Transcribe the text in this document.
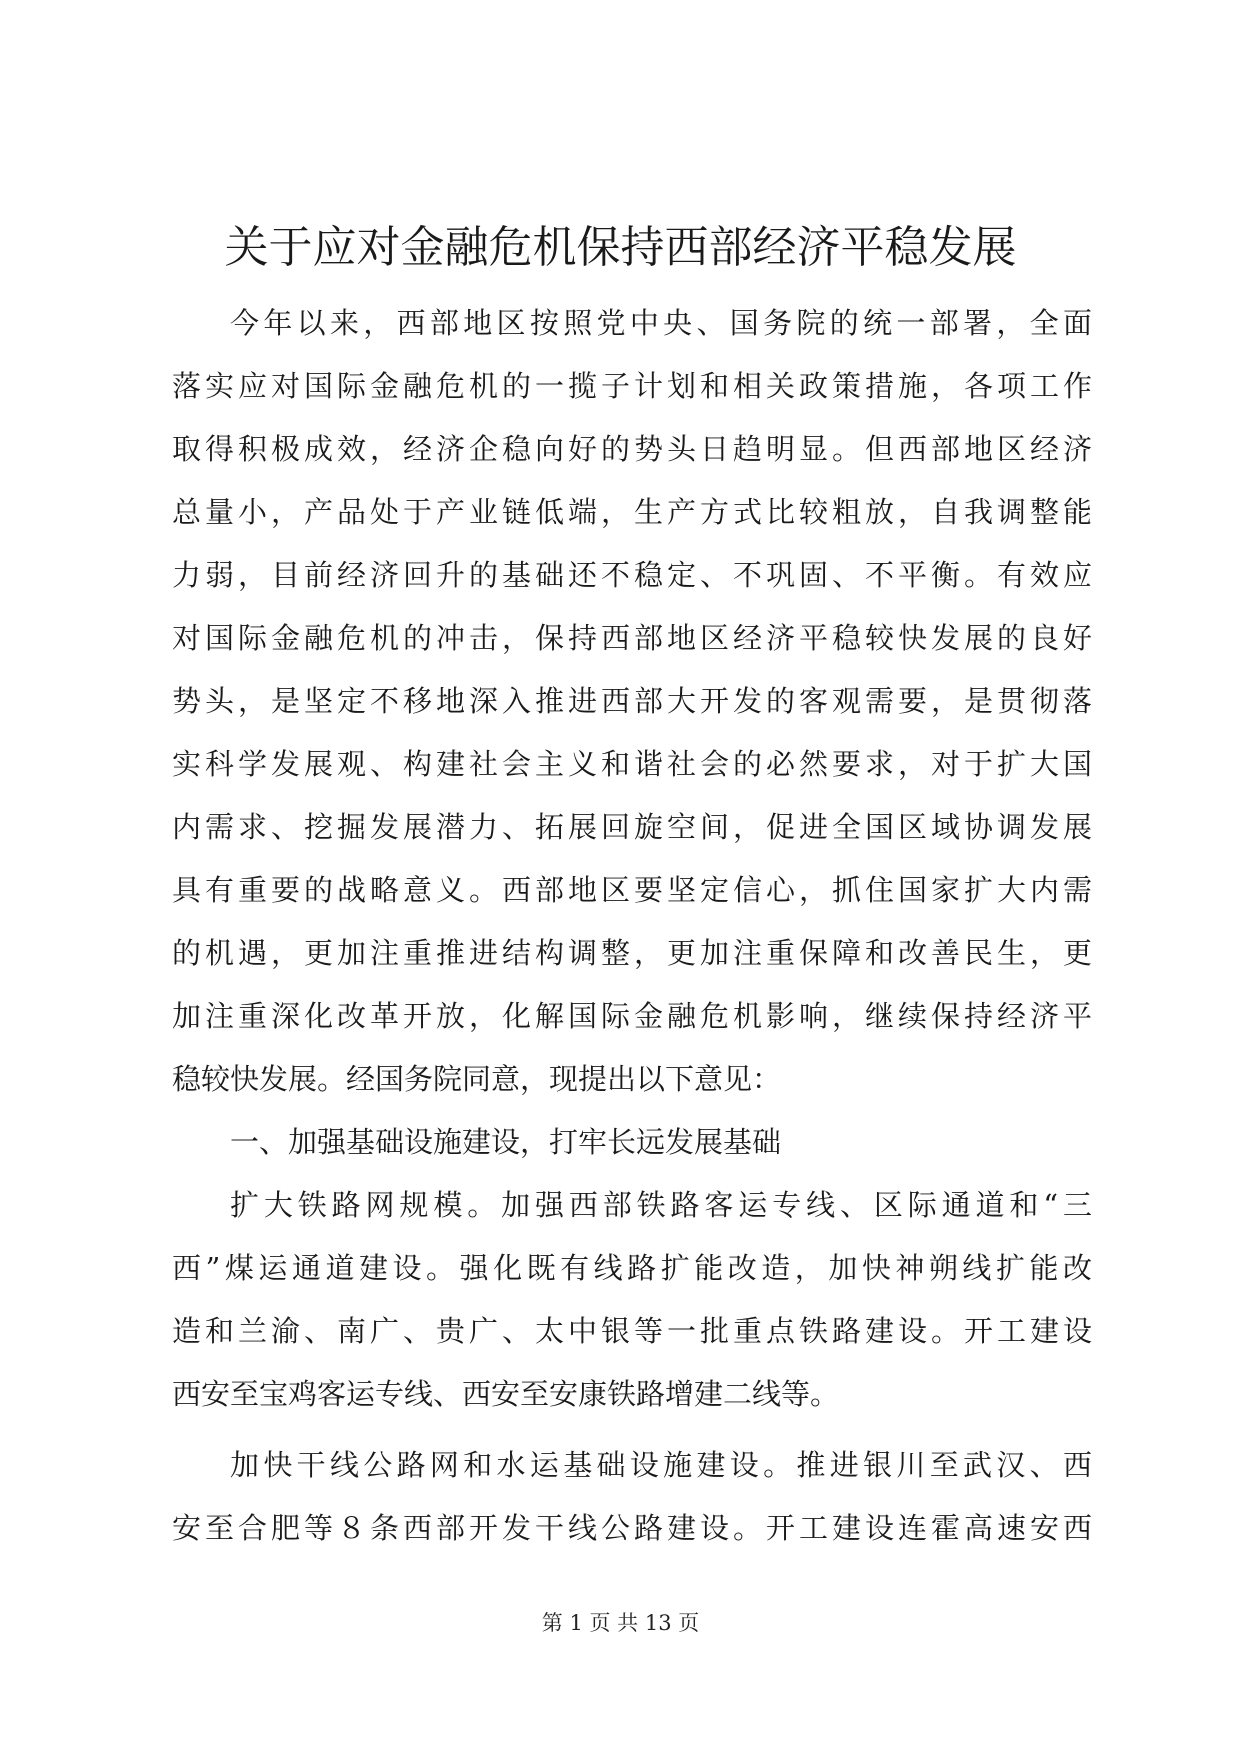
关于应对金融危机保持西部经济平稳发展
今年以来，西部地区按照党中央、国务院的统一部署，全面
落实应对国际金融危机的一揽子计划和相关政策措施，各项工作
取得积极成效，经济企稳向好的势头日趋明显。但西部地区经济
总量小，产品处于产业链低端，生产方式比较粗放，自我调整能
力弱，目前经济回升的基础还不稳定、不巩固、不平衡。有效应
对国际金融危机的冲击，保持西部地区经济平稳较快发展的良好
势头，是坚定不移地深入推进西部大开发的客观需要，是贯彻落
实科学发展观、构建社会主义和谐社会的必然要求，对于扩大国
内需求、挖掘发展潜力、拓展回旋空间，促进全国区域协调发展
具有重要的战略意义。西部地区要坚定信心，抓住国家扩大内需
的机遇，更加注重推进结构调整，更加注重保障和改善民生，更
加注重深化改革开放，化解国际金融危机影响，继续保持经济平
稳较快发展。经国务院同意，现提出以下意见：
一、加强基础设施建设，打牢长远发展基础
扩大铁路网规模。加强西部铁路客运专线、区际通道和“三
西”煤运通道建设。强化既有线路扩能改造，加快神朔线扩能改
造和兰渝、南广、贵广、太中银等一批重点铁路建设。开工建设
西安至宝鸡客运专线、西安至安康铁路增建二线等。
加快干线公路网和水运基础设施建设。推进银川至武汉、西
安至合肥等８条西部开发干线公路建设。开工建设连霍高速安西
第 1 页 共 13 页
